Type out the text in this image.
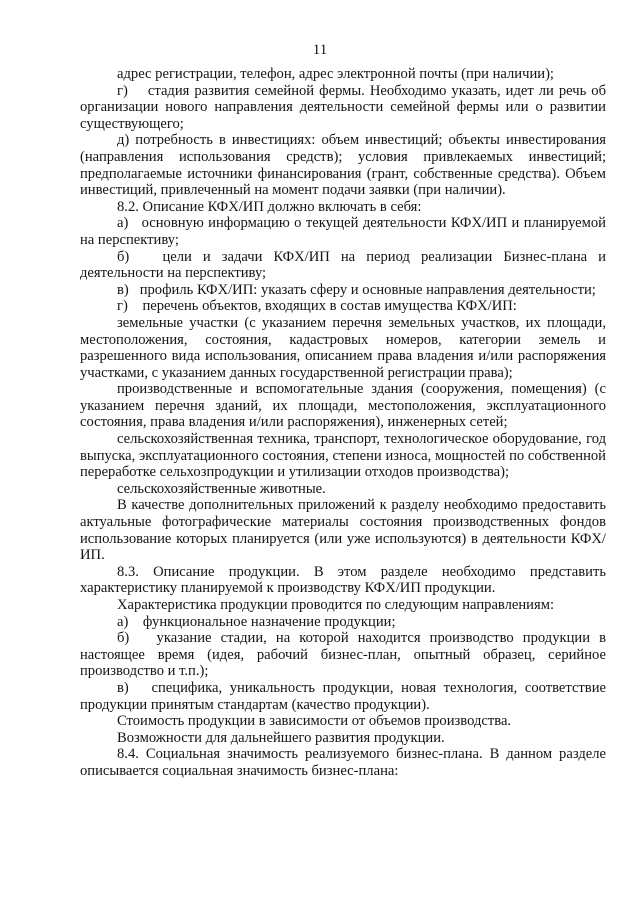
11

адрес регистрации, телефон, адрес электронной почты (при наличии);

г)    стадия развития семейной фермы. Необходимо указать, идет ли речь об организации нового направления деятельности семейной фермы или о развитии существующего;

д) потребность в инвестициях: объем инвестиций; объекты инвестирования (направления использования средств); условия привлекаемых инвестиций; предполагаемые источники финансирования (грант, собственные средства). Объем инвестиций, привлеченный на момент подачи заявки (при наличии).

8.2. Описание КФХ/ИП должно включать в себя:

а)   основную информацию о текущей деятельности КФХ/ИП и планируемой на перспективу;

б)   цели и задачи КФХ/ИП на период реализации Бизнес-плана и деятельности на перспективу;

в)   профиль КФХ/ИП: указать сферу и основные направления деятельности;

г)    перечень объектов, входящих в состав имущества КФХ/ИП:

земельные участки (с указанием перечня земельных участков, их площади, местоположения, состояния, кадастровых номеров, категории земель и разрешенного вида использования, описанием права владения и/или распоряжения участками, с указанием данных государственной регистрации права);

производственные и вспомогательные здания (сооружения, помещения) (с указанием перечня зданий, их площади, местоположения, эксплуатационного состояния, права владения и/или распоряжения), инженерных сетей;

сельскохозяйственная техника, транспорт, технологическое оборудование, год выпуска, эксплуатационного состояния, степени износа, мощностей по собственной переработке сельхозпродукции и утилизации отходов производства);

сельскохозяйственные животные.

В качестве дополнительных приложений к разделу необходимо предоставить актуальные фотографические материалы состояния производственных фондов использование которых планируется (или уже используются) в деятельности КФХ/ИП.

8.3. Описание продукции. В этом разделе необходимо представить характеристику планируемой к производству КФХ/ИП продукции.

Характеристика продукции проводится по следующим направлениям:

а)    функциональное назначение продукции;

б)   указание стадии, на которой находится производство продукции в настоящее время (идея, рабочий бизнес-план, опытный образец, серийное производство и т.п.);

в)   специфика, уникальность продукции, новая технология, соответствие продукции принятым стандартам (качество продукции).

Стоимость продукции в зависимости от объемов производства.

Возможности для дальнейшего развития продукции.

8.4. Социальная значимость реализуемого бизнес-плана. В данном разделе описывается социальная значимость бизнес-плана:
